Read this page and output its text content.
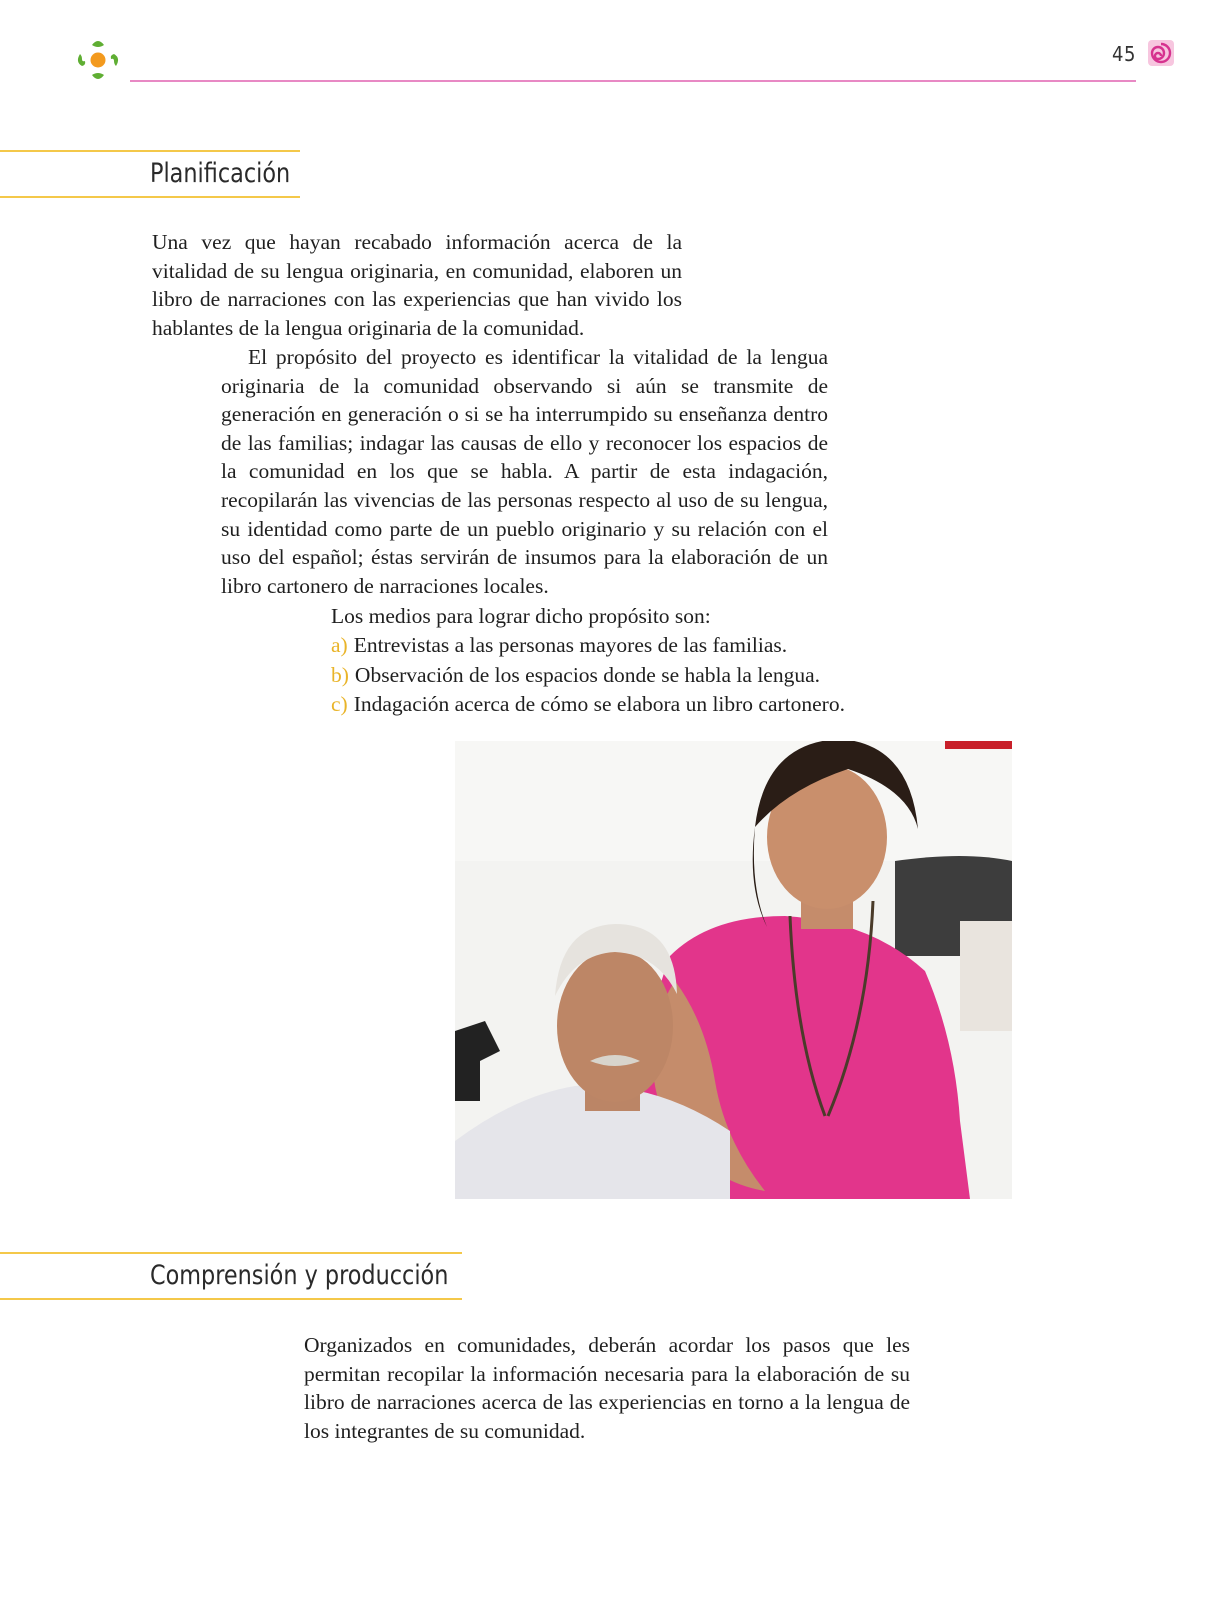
45
Planificación

Una vez que hayan recabado información acerca de la vitalidad de su lengua originaria, en comunidad, elaboren un libro de narraciones con las experiencias que han vivido los hablantes de la lengua originaria de la comunidad.

El propósito del proyecto es identificar la vitalidad de la lengua originaria de la comunidad observando si aún se transmite de generación en generación o si se ha interrumpido su enseñanza dentro de las familias; indagar las causas de ello y reconocer los espacios de la comunidad en los que se habla. A partir de esta indagación, recopilarán las vivencias de las personas respecto al uso de su lengua, su identidad como parte de un pueblo originario y su relación con el uso del español; éstas servirán de insumos para la elaboración de un libro cartonero de narraciones locales.

Los medios para lograr dicho propósito son:

a) Entrevistas a las personas mayores de las familias.
b) Observación de los espacios donde se habla la lengua.
c) Indagación acerca de cómo se elabora un libro cartonero.
Comprensión y producción

Organizados en comunidades, deberán acordar los pasos que les permitan recopilar la información necesaria para la elaboración de su libro de narraciones acerca de las experiencias en torno a la lengua de los integrantes de su comunidad.
